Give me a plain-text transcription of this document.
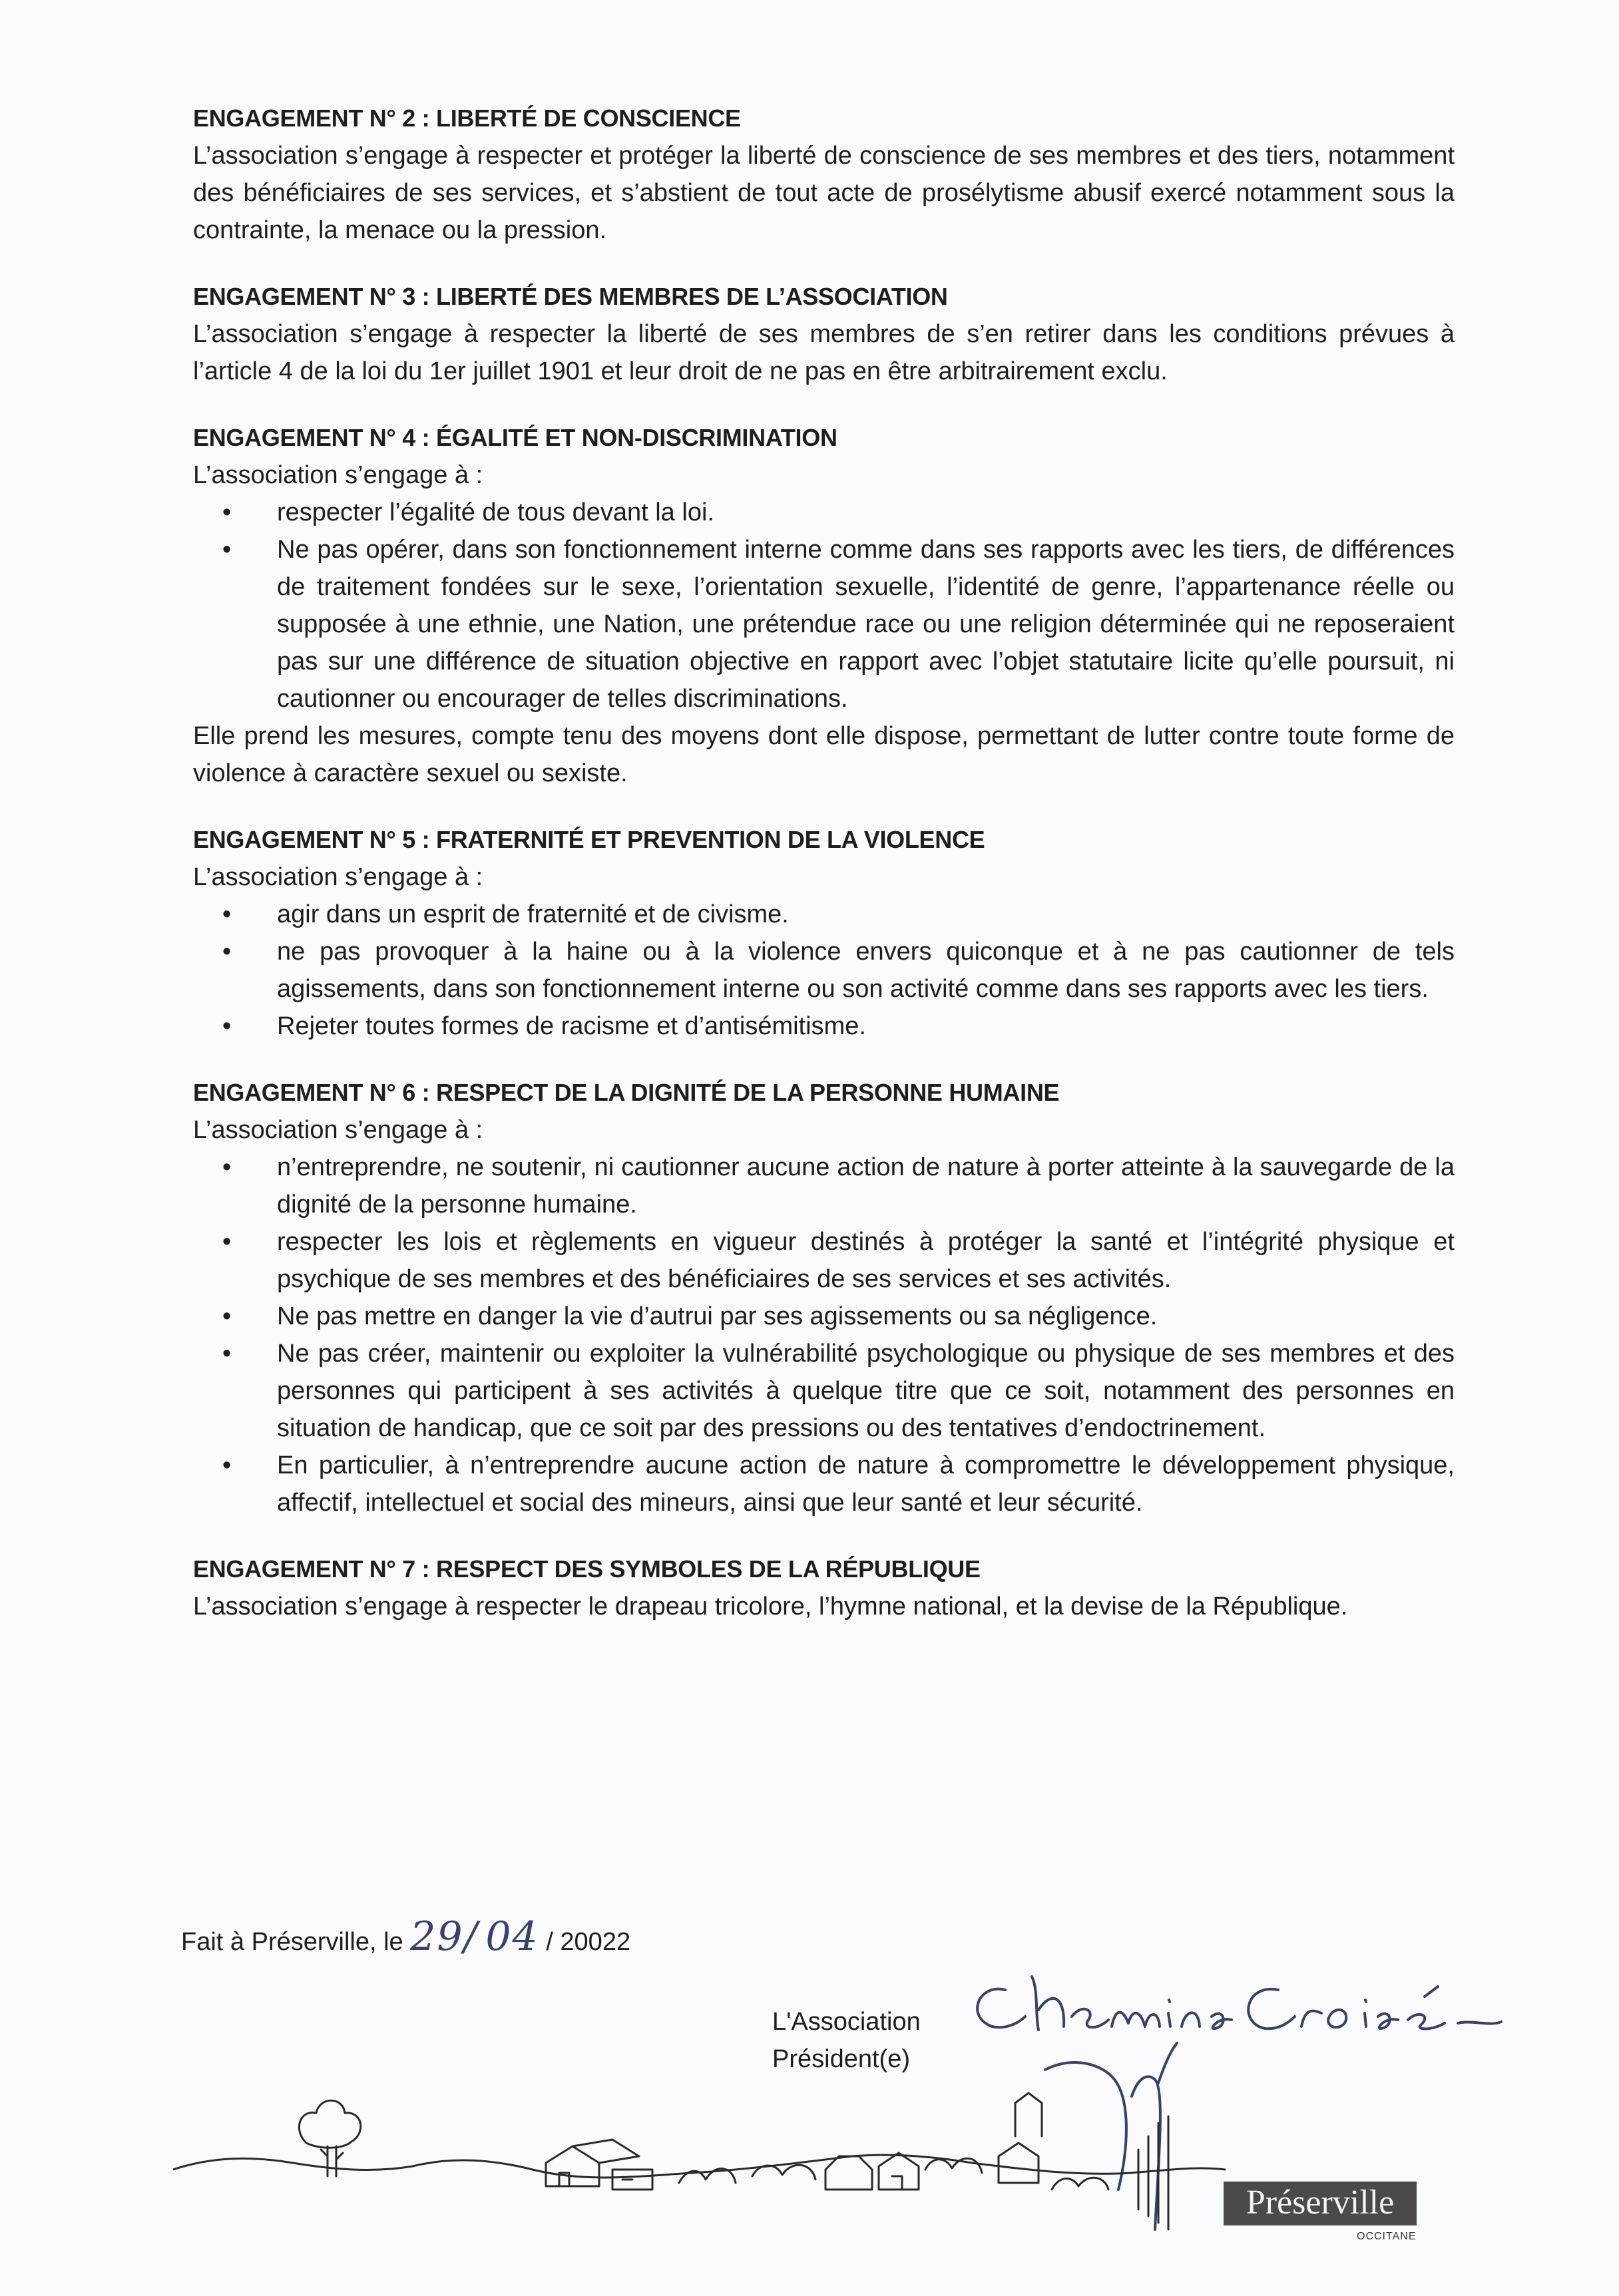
ENGAGEMENT N° 2 : LIBERTÉ DE CONSCIENCE
L’association s’engage à respecter et protéger la liberté de conscience de ses membres et des tiers, notamment des bénéficiaires de ses services, et s’abstient de tout acte de prosélytisme abusif exercé notamment sous la contrainte, la menace ou la pression.
ENGAGEMENT N° 3 : LIBERTÉ DES MEMBRES DE L’ASSOCIATION
L’association s’engage à respecter la liberté de ses membres de s’en retirer dans les conditions prévues à l’article 4 de la loi du 1er juillet 1901 et leur droit de ne pas en être arbitrairement exclu.
ENGAGEMENT N° 4 : ÉGALITÉ ET NON-DISCRIMINATION
L’association s’engage à :
• respecter l’égalité de tous devant la loi.
• Ne pas opérer, dans son fonctionnement interne comme dans ses rapports avec les tiers, de différences de traitement fondées sur le sexe, l’orientation sexuelle, l’identité de genre, l’appartenance réelle ou supposée à une ethnie, une Nation, une prétendue race ou une religion déterminée qui ne reposeraient pas sur une différence de situation objective en rapport avec l’objet statutaire licite qu’elle poursuit, ni cautionner ou encourager de telles discriminations.
Elle prend les mesures, compte tenu des moyens dont elle dispose, permettant de lutter contre toute forme de violence à caractère sexuel ou sexiste.
ENGAGEMENT N° 5 : FRATERNITÉ ET PREVENTION DE LA VIOLENCE
L’association s’engage à :
• agir dans un esprit de fraternité et de civisme.
• ne pas provoquer à la haine ou à la violence envers quiconque et à ne pas cautionner de tels agissements, dans son fonctionnement interne ou son activité comme dans ses rapports avec les tiers.
• Rejeter toutes formes de racisme et d’antisémitisme.
ENGAGEMENT N° 6 : RESPECT DE LA DIGNITÉ DE LA PERSONNE HUMAINE
L’association s’engage à :
• n’entreprendre, ne soutenir, ni cautionner aucune action de nature à porter atteinte à la sauvegarde de la dignité de la personne humaine.
• respecter les lois et règlements en vigueur destinés à protéger la santé et l’intégrité physique et psychique de ses membres et des bénéficiaires de ses services et ses activités.
• Ne pas mettre en danger la vie d’autrui par ses agissements ou sa négligence.
• Ne pas créer, maintenir ou exploiter la vulnérabilité psychologique ou physique de ses membres et des personnes qui participent à ses activités à quelque titre que ce soit, notamment des personnes en situation de handicap, que ce soit par des pressions ou des tentatives d’endoctrinement.
• En particulier, à n’entreprendre aucune action de nature à compromettre le développement physique, affectif, intellectuel et social des mineurs, ainsi que leur santé et leur sécurité.
ENGAGEMENT N° 7 : RESPECT DES SYMBOLES DE LA RÉPUBLIQUE
L’association s’engage à respecter le drapeau tricolore, l’hymne national, et la devise de la République.
Fait à Préserville, le 29/ 04 / 20022
L'Association
Président(e)
Préserville
OCCITANE
